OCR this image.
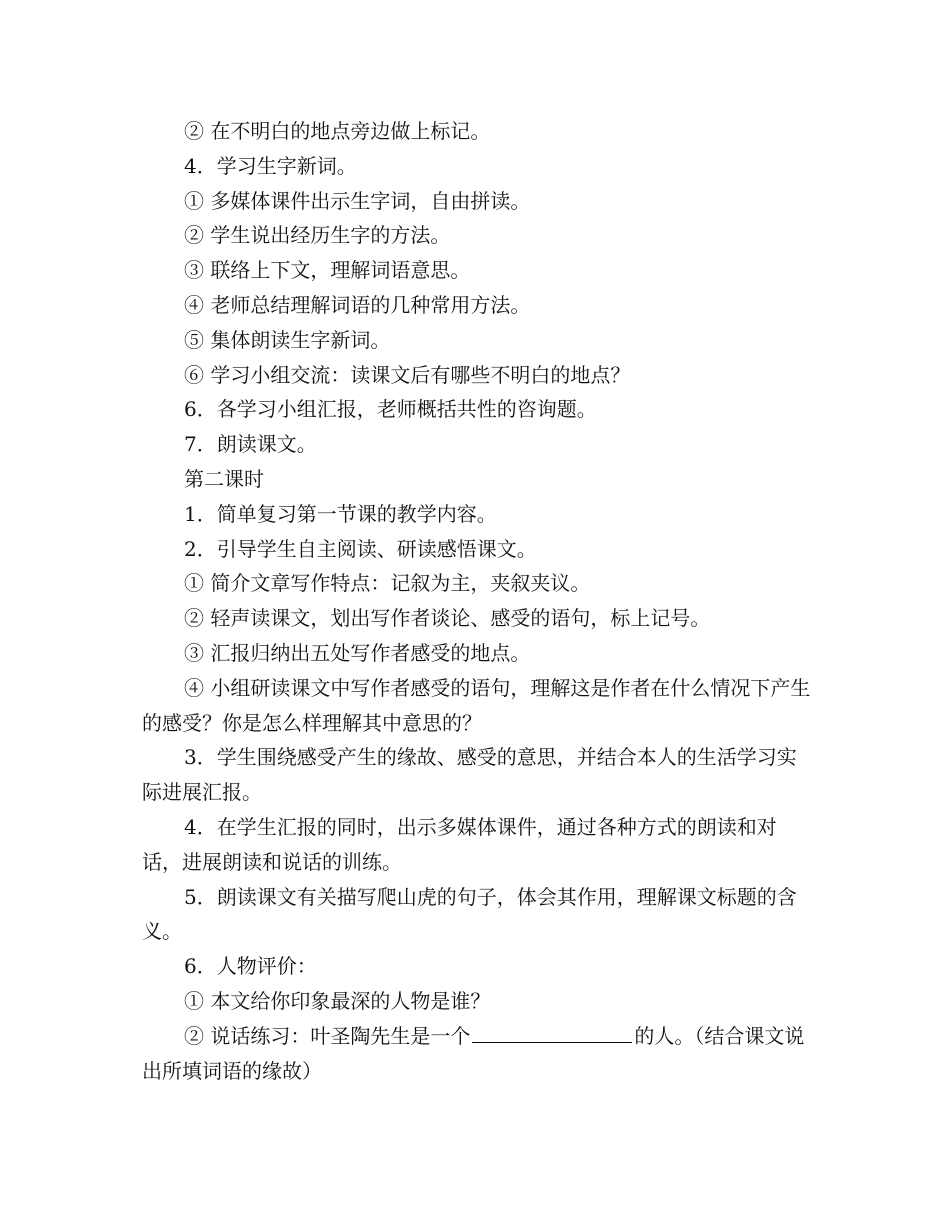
② 在不明白的地点旁边做上标记。

4．学习生字新词。

① 多媒体课件出示生字词，自由拼读。

② 学生说出经历生字的方法。

③ 联络上下文，理解词语意思。

④ 老师总结理解词语的几种常用方法。

⑤ 集体朗读生字新词。

⑥ 学习小组交流：读课文后有哪些不明白的地点？

6．各学习小组汇报，老师概括共性的咨询题。

7．朗读课文。

第二课时

1．简单复习第一节课的教学内容。

2．引导学生自主阅读、研读感悟课文。

① 简介文章写作特点：记叙为主，夹叙夹议。

② 轻声读课文，划出写作者谈论、感受的语句，标上记号。

③ 汇报归纳出五处写作者感受的地点。

④ 小组研读课文中写作者感受的语句，理解这是作者在什么情况下产生的感受？你是怎么样理解其中意思的？

3．学生围绕感受产生的缘故、感受的意思，并结合本人的生活学习实际进展汇报。

4．在学生汇报的同时，出示多媒体课件，通过各种方式的朗读和对话，进展朗读和说话的训练。

5．朗读课文有关描写爬山虎的句子，体会其作用，理解课文标题的含义。

6．人物评价：

① 本文给你印象最深的人物是谁？

② 说话练习：叶圣陶先生是一个	的人。（结合课文说出所填词语的缘故）
